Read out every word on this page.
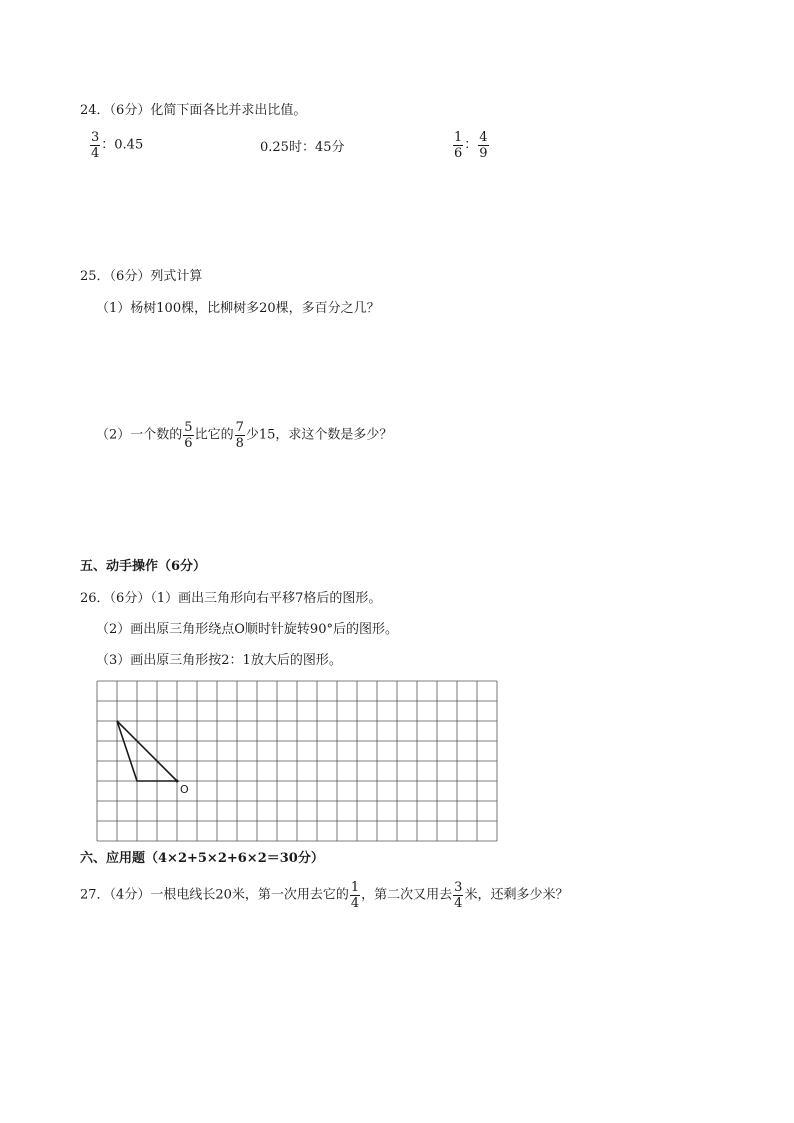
24．（6分）化简下面各比并求出比值。
$\frac{3}{4}$ ：0.45	0.25时：45分	$\frac{1}{6}$ ： $\frac{4}{9}$
25．（6分）列式计算
（1）杨树100棵，比柳树多20棵，多百分之几？
（2）一个数的 $\frac{5}{6}$ 比它的 $\frac{7}{8}$ 少15，求这个数是多少？
五、动手操作（6分）
26．（6分）（1）画出三角形向右平移7格后的图形。
（2）画出原三角形绕点O顺时针旋转90°后的图形。
（3）画出原三角形按2：1放大后的图形。
O
六、应用题（4×2+5×2+6×2＝30分）
27．（4分）一根电线长20米，第一次用去它的 $\frac{1}{4}$ ，第二次又用去 $\frac{3}{4}$ 米，还剩多少米？
